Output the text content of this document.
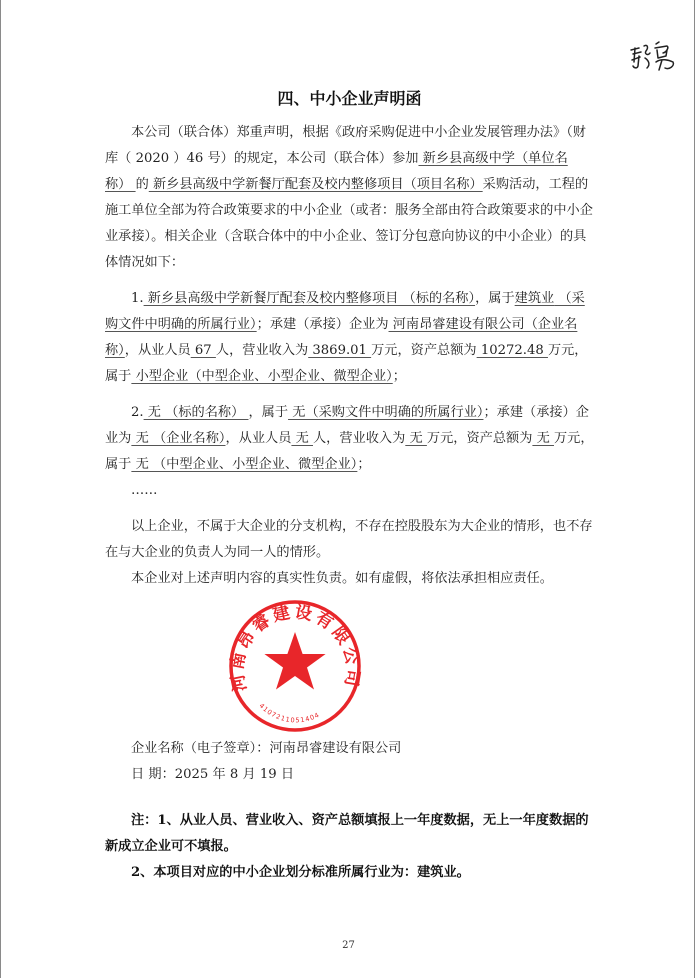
四、中小企业声明函

本公司（联合体）郑重声明，根据《政府采购促进中小企业发展管理办法》（财库（ 2020 ）46 号）的规定，本公司（联合体）参加 新乡县高级中学（单位名称） 的 新乡县高级中学新餐厅配套及校内整修项目（项目名称）采购活动，工程的施工单位全部为符合政策要求的中小企业（或者：服务全部由符合政策要求的中小企业承接）。相关企业（含联合体中的中小企业、签订分包意向协议的中小企业）的具体情况如下：

1. 新乡县高级中学新餐厅配套及校内整修项目 （标的名称），属于建筑业 （采购文件中明确的所属行业）；承建（承接）企业为 河南昂睿建设有限公司（企业名称），从业人员 67 人，营业收入为 3869.01 万元，资产总额为 10272.48 万元，属于 小型企业（中型企业、小型企业、微型企业）；

2. 无 （标的名称） ，属于 无（采购文件中明确的所属行业）；承建（承接）企业为 无 （企业名称），从业人员 无 人，营业收入为 无 万元，资产总额为 无 万元，属于 无 （中型企业、小型企业、微型企业）；

……

以上企业，不属于大企业的分支机构，不存在控股股东为大企业的情形，也不存在与大企业的负责人为同一人的情形。

本企业对上述声明内容的真实性负责。如有虚假，将依法承担相应责任。

河南昂睿建设有限公司
4107211051404

企业名称（电子签章）：河南昂睿建设有限公司

日 期：2025 年 8 月 19 日

注：1、从业人员、营业收入、资产总额填报上一年度数据，无上一年度数据的新成立企业可不填报。

2、本项目对应的中小企业划分标准所属行业为：建筑业。

27
